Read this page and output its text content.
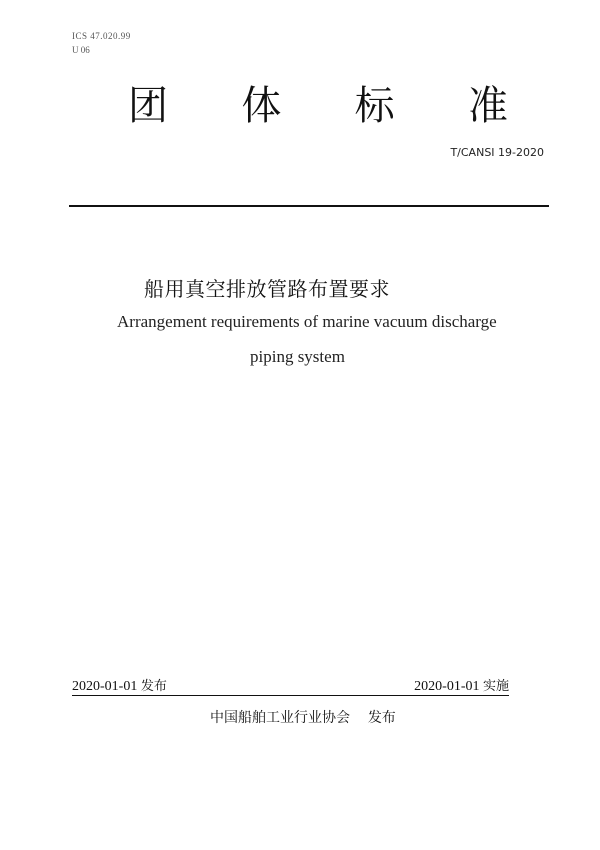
ICS 47.020.99
U 06
团 体 标 准
T/CANSI 19-2020
船用真空排放管路布置要求
Arrangement requirements of marine vacuum discharge
piping system
2020-01-01 发布	2020-01-01 实施
中国船舶工业行业协会 发布
